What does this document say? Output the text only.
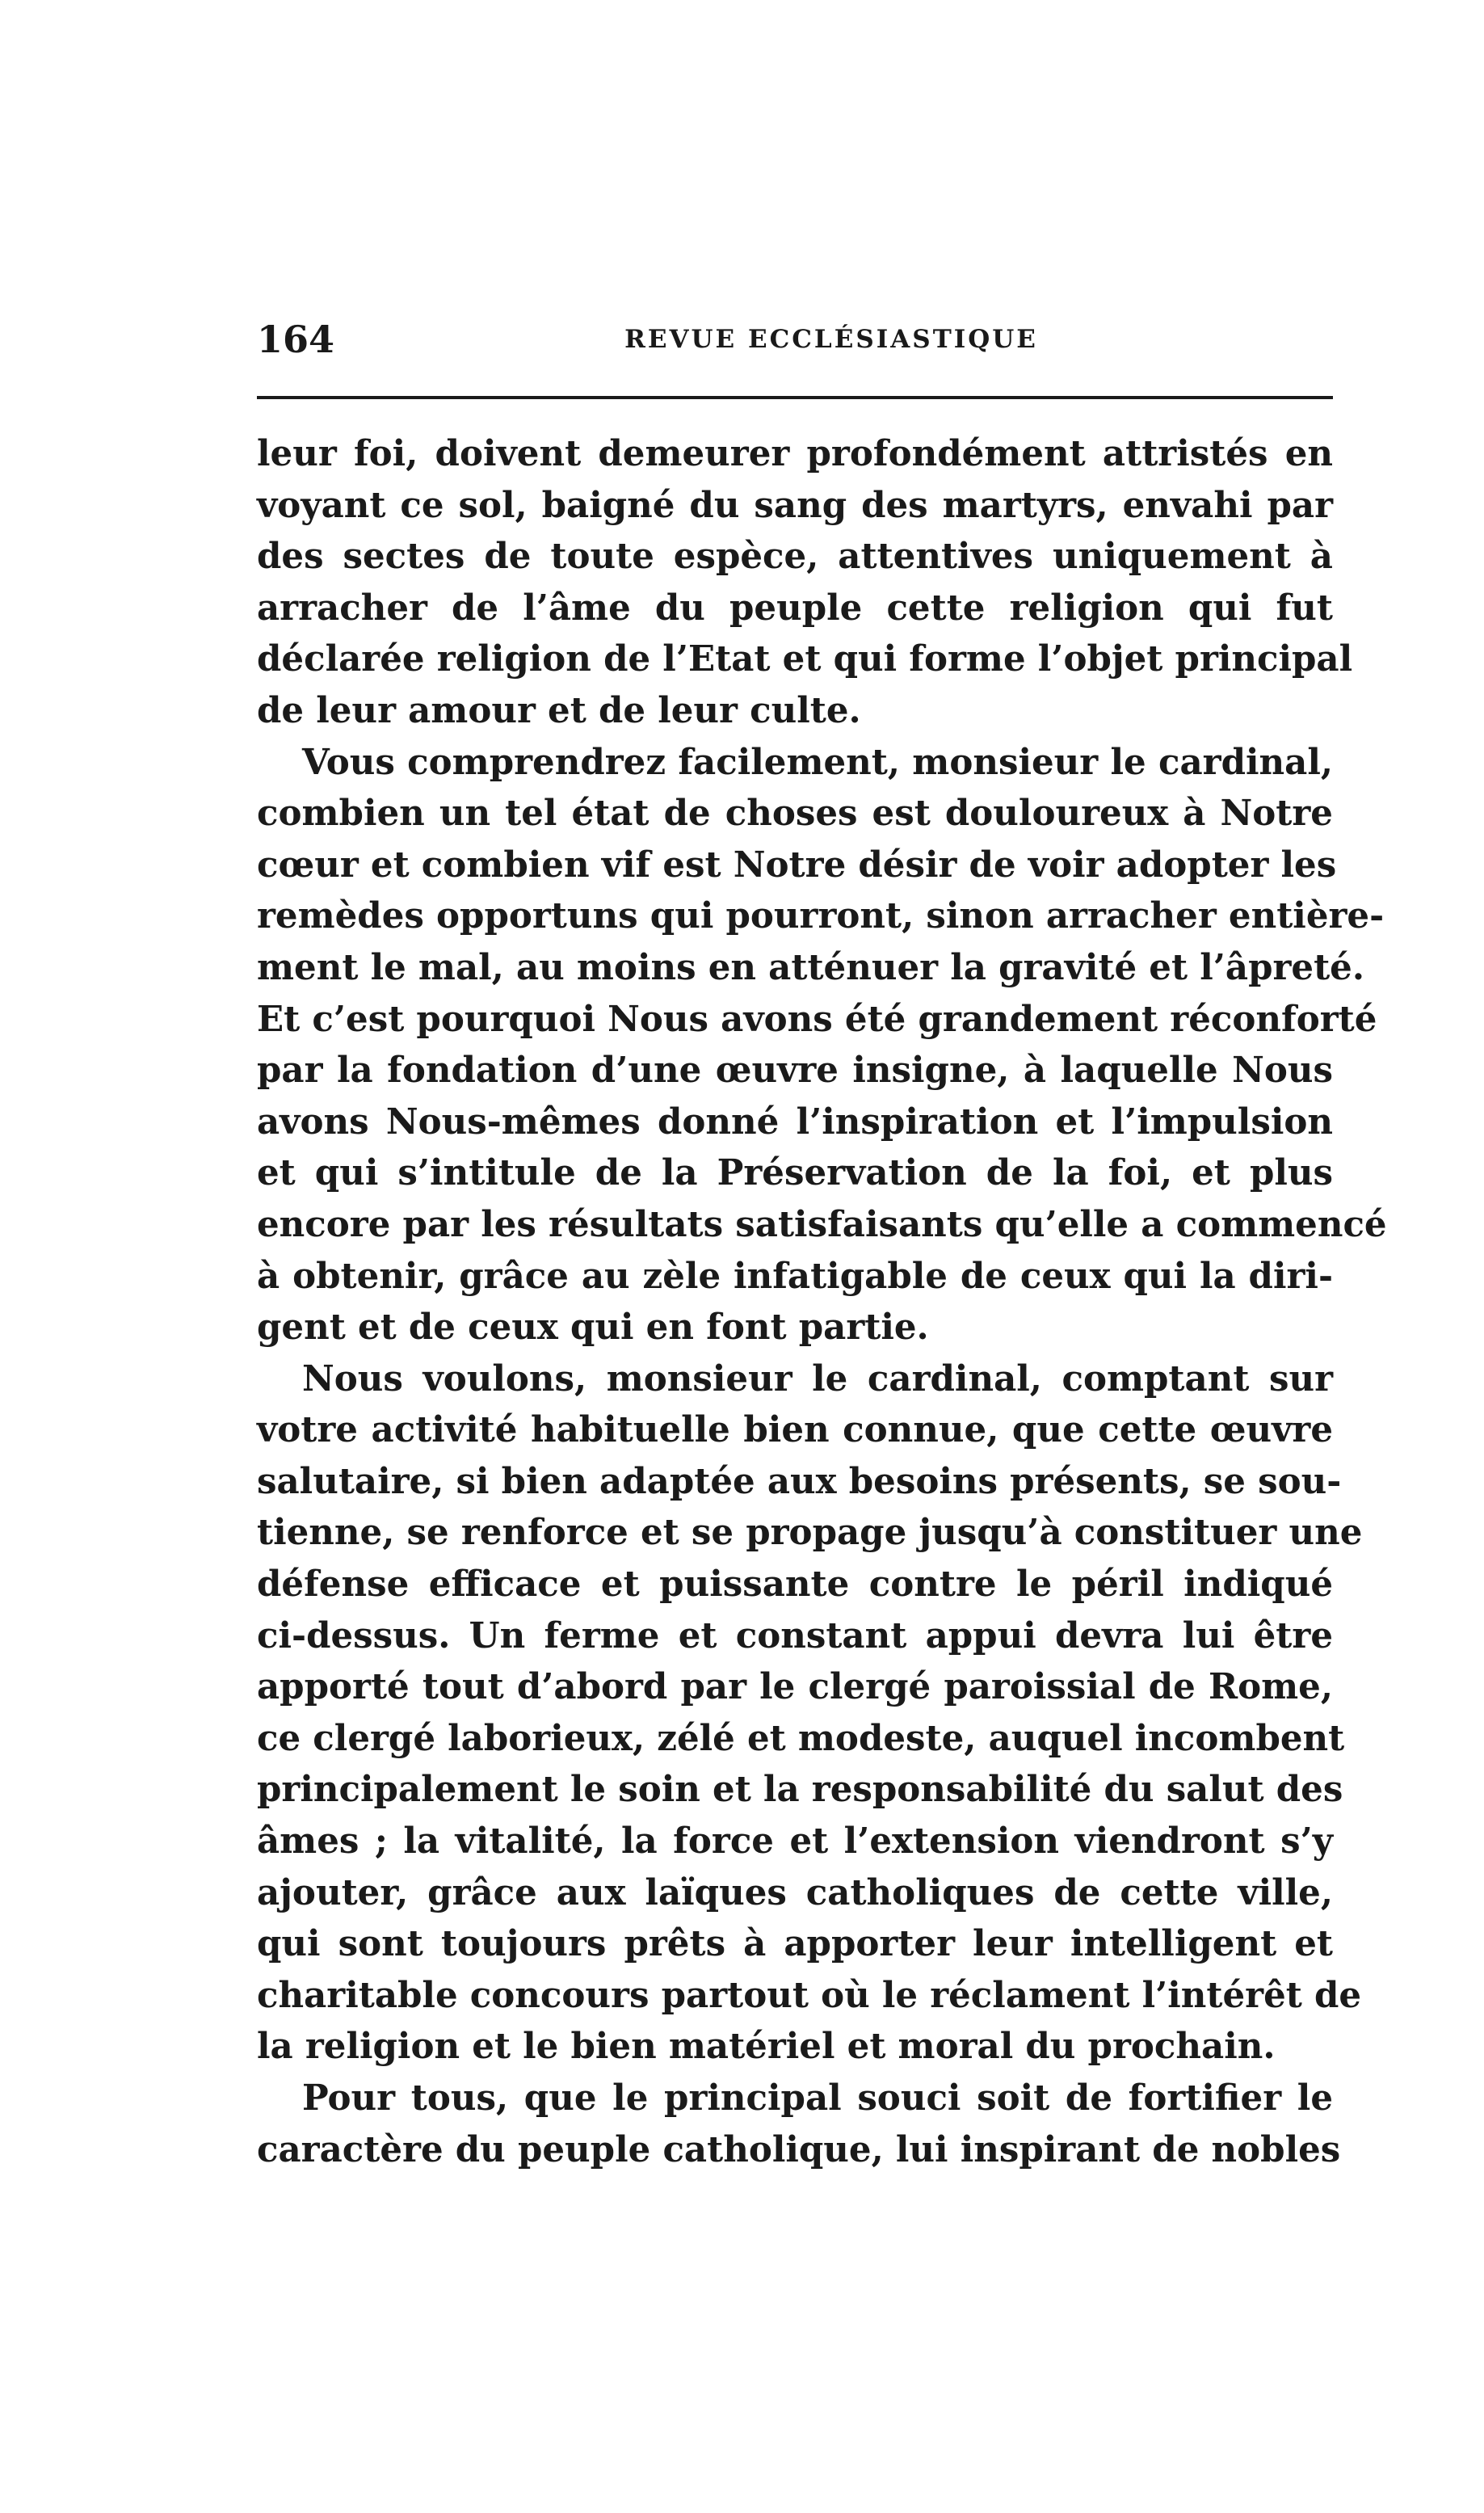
164	REVUE ECCLÉSIASTIQUE
leur foi, doivent demeurer profondément attristés en
voyant ce sol, baigné du sang des martyrs, envahi par
des sectes de toute espèce, attentives uniquement à
arracher de l’âme du peuple cette religion qui fut
déclarée religion de l’Etat et qui forme l’objet principal
de leur amour et de leur culte.
Vous comprendrez facilement, monsieur le cardinal,
combien un tel état de choses est douloureux à Notre
cœur et combien vif est Notre désir de voir adopter les
remèdes opportuns qui pourront, sinon arracher entière-
ment le mal, au moins en atténuer la gravité et l’âpreté.
Et c’est pourquoi Nous avons été grandement réconforté
par la fondation d’une œuvre insigne, à laquelle Nous
avons Nous-mêmes donné l’inspiration et l’impulsion
et qui s’intitule de la Préservation de la foi, et plus
encore par les résultats satisfaisants qu’elle a commencé
à obtenir, grâce au zèle infatigable de ceux qui la diri-
gent et de ceux qui en font partie.
Nous voulons, monsieur le cardinal, comptant sur
votre activité habituelle bien connue, que cette œuvre
salutaire, si bien adaptée aux besoins présents, se sou-
tienne, se renforce et se propage jusqu’à constituer une
défense efficace et puissante contre le péril indiqué
ci-dessus. Un ferme et constant appui devra lui être
apporté tout d’abord par le clergé paroissial de Rome,
ce clergé laborieux, zélé et modeste, auquel incombent
principalement le soin et la responsabilité du salut des
âmes ; la vitalité, la force et l’extension viendront s’y
ajouter, grâce aux laïques catholiques de cette ville,
qui sont toujours prêts à apporter leur intelligent et
charitable concours partout où le réclament l’intérêt de
la religion et le bien matériel et moral du prochain.
Pour tous, que le principal souci soit de fortifier le
caractère du peuple catholique, lui inspirant de nobles
